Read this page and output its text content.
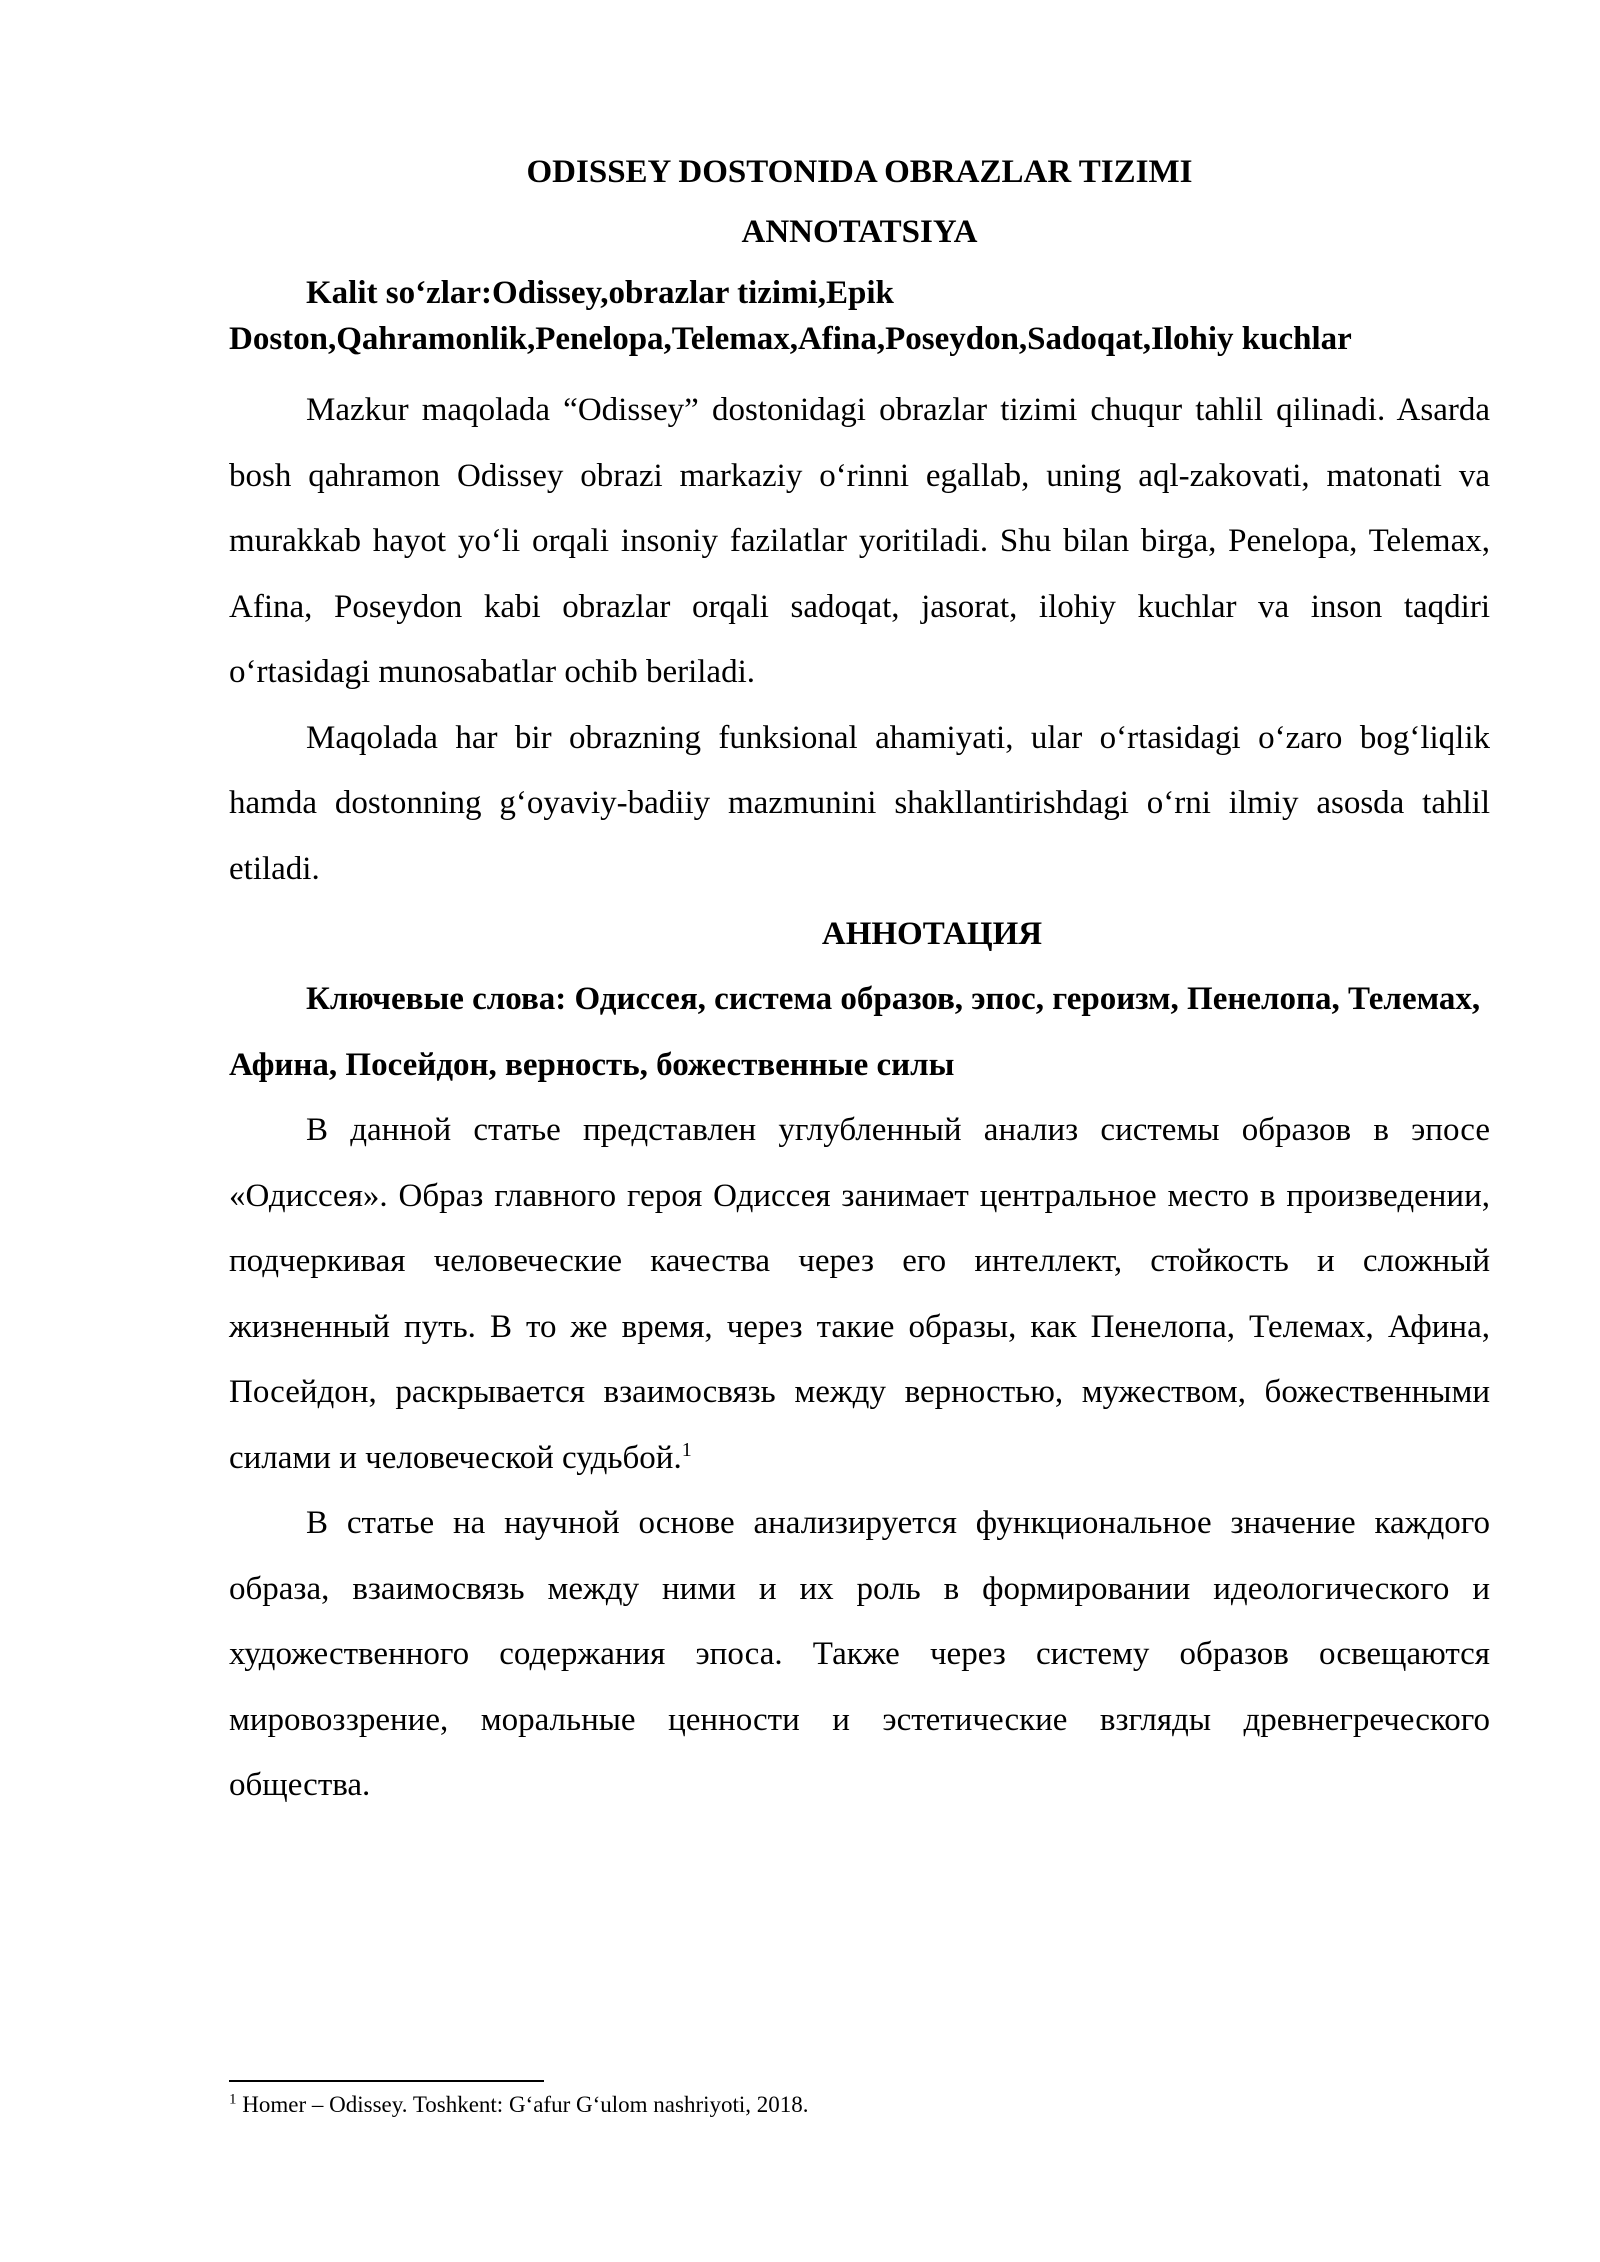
ODISSEY DOSTONIDA OBRAZLAR TIZIMI

ANNOTATSIYA

Kalit so‘zlar:Odissey,obrazlar tizimi,Epik Doston,Qahramonlik,Penelopa,Telemax,Afina,Poseydon,Sadoqat,Ilohiy kuchlar

Mazkur maqolada “Odissey” dostonidagi obrazlar tizimi chuqur tahlil qilinadi. Asarda bosh qahramon Odissey obrazi markaziy o‘rinni egallab, uning aql-zakovati, matonati va murakkab hayot yo‘li orqali insoniy fazilatlar yoritiladi. Shu bilan birga, Penelopa, Telemax, Afina, Poseydon kabi obrazlar orqali sadoqat, jasorat, ilohiy kuchlar va inson taqdiri o‘rtasidagi munosabatlar ochib beriladi.

Maqolada har bir obrazning funksional ahamiyati, ular o‘rtasidagi o‘zaro bog‘liqlik hamda dostonning g‘oyaviy-badiiy mazmunini shakllantirishdagi o‘rni ilmiy asosda tahlil etiladi.

АННОТАЦИЯ

Ключевые слова: Одиссея, система образов, эпос, героизм, Пенелопа, Телемах, Афина, Посейдон, верность, божественные силы

В данной статье представлен углубленный анализ системы образов в эпосе «Одиссея». Образ главного героя Одиссея занимает центральное место в произведении, подчеркивая человеческие качества через его интеллект, стойкость и сложный жизненный путь. В то же время, через такие образы, как Пенелопа, Телемах, Афина, Посейдон, раскрывается взаимосвязь между верностью, мужеством, божественными силами и человеческой судьбой.$^1$

В статье на научной основе анализируется функциональное значение каждого образа, взаимосвязь между ними и их роль в формировании идеологического и художественного содержания эпоса. Также через систему образов освещаются мировоззрение, моральные ценности и эстетические взгляды древнегреческого общества.

$^1$ Homer – Odissey. Toshkent: G‘afur G‘ulom nashriyoti, 2018.
